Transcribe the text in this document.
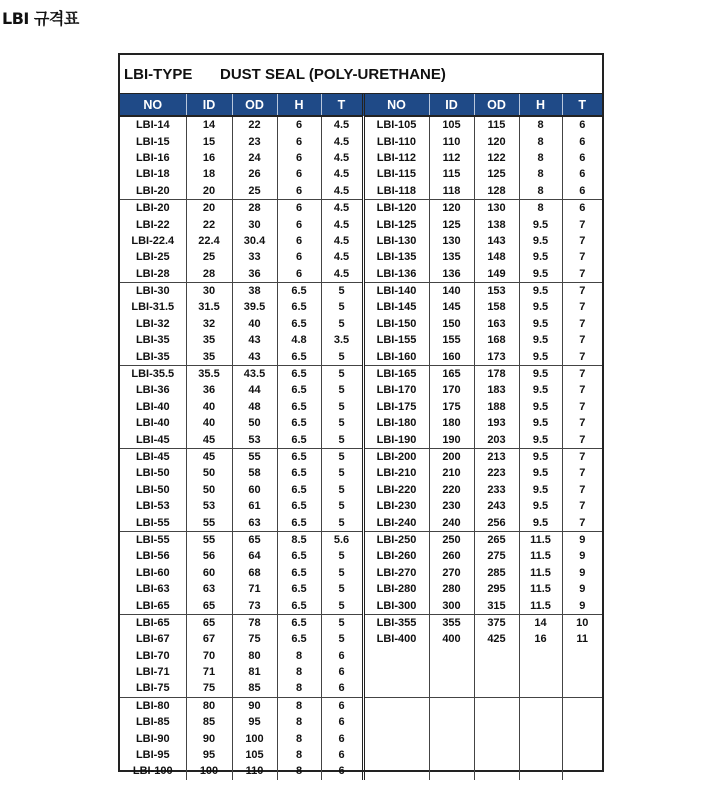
LBI 규격표
LBI-TYPE	DUST SEAL (POLY-URETHANE)
NO	ID	OD	H	T	NO	ID	OD	H	T
LBI-14	14	22	6	4.5	LBI-105	105	115	8	6
LBI-15	15	23	6	4.5	LBI-110	110	120	8	6
LBI-16	16	24	6	4.5	LBI-112	112	122	8	6
LBI-18	18	26	6	4.5	LBI-115	115	125	8	6
LBI-20	20	25	6	4.5	LBI-118	118	128	8	6
LBI-20	20	28	6	4.5	LBI-120	120	130	8	6
LBI-22	22	30	6	4.5	LBI-125	125	138	9.5	7
LBI-22.4	22.4	30.4	6	4.5	LBI-130	130	143	9.5	7
LBI-25	25	33	6	4.5	LBI-135	135	148	9.5	7
LBI-28	28	36	6	4.5	LBI-136	136	149	9.5	7
LBI-30	30	38	6.5	5	LBI-140	140	153	9.5	7
LBI-31.5	31.5	39.5	6.5	5	LBI-145	145	158	9.5	7
LBI-32	32	40	6.5	5	LBI-150	150	163	9.5	7
LBI-35	35	43	4.8	3.5	LBI-155	155	168	9.5	7
LBI-35	35	43	6.5	5	LBI-160	160	173	9.5	7
LBI-35.5	35.5	43.5	6.5	5	LBI-165	165	178	9.5	7
LBI-36	36	44	6.5	5	LBI-170	170	183	9.5	7
LBI-40	40	48	6.5	5	LBI-175	175	188	9.5	7
LBI-40	40	50	6.5	5	LBI-180	180	193	9.5	7
LBI-45	45	53	6.5	5	LBI-190	190	203	9.5	7
LBI-45	45	55	6.5	5	LBI-200	200	213	9.5	7
LBI-50	50	58	6.5	5	LBI-210	210	223	9.5	7
LBI-50	50	60	6.5	5	LBI-220	220	233	9.5	7
LBI-53	53	61	6.5	5	LBI-230	230	243	9.5	7
LBI-55	55	63	6.5	5	LBI-240	240	256	9.5	7
LBI-55	55	65	8.5	5.6	LBI-250	250	265	11.5	9
LBI-56	56	64	6.5	5	LBI-260	260	275	11.5	9
LBI-60	60	68	6.5	5	LBI-270	270	285	11.5	9
LBI-63	63	71	6.5	5	LBI-280	280	295	11.5	9
LBI-65	65	73	6.5	5	LBI-300	300	315	11.5	9
LBI-65	65	78	6.5	5	LBI-355	355	375	14	10
LBI-67	67	75	6.5	5	LBI-400	400	425	16	11
LBI-70	70	80	8	6					
LBI-71	71	81	8	6					
LBI-75	75	85	8	6					
LBI-80	80	90	8	6					
LBI-85	85	95	8	6					
LBI-90	90	100	8	6					
LBI-95	95	105	8	6					
LBI-100	100	110	8	6					
